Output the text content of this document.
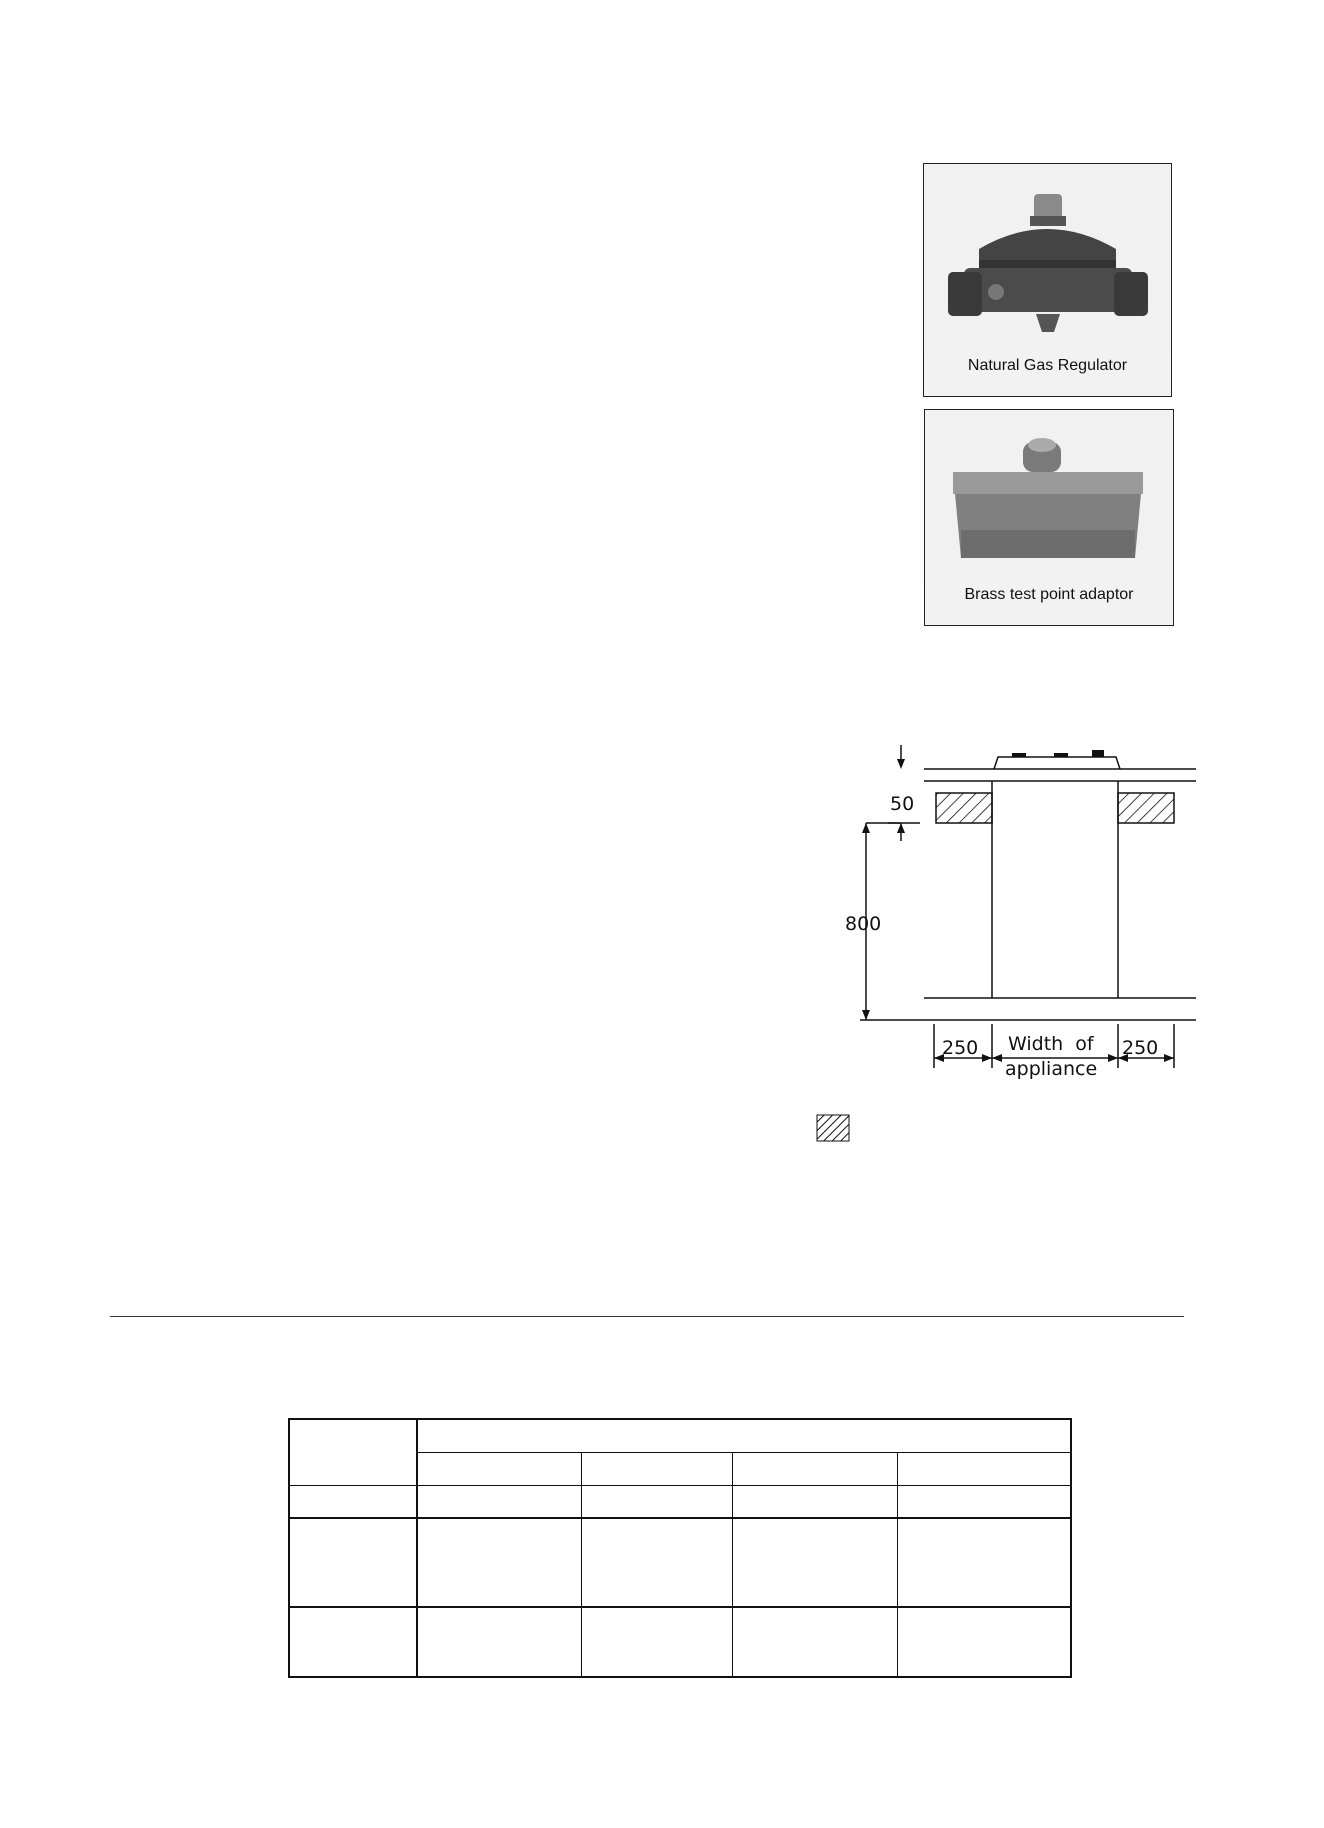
Natural Gas Regulator
Brass test point adaptor
50
800
250	250
Width  of
appliance
